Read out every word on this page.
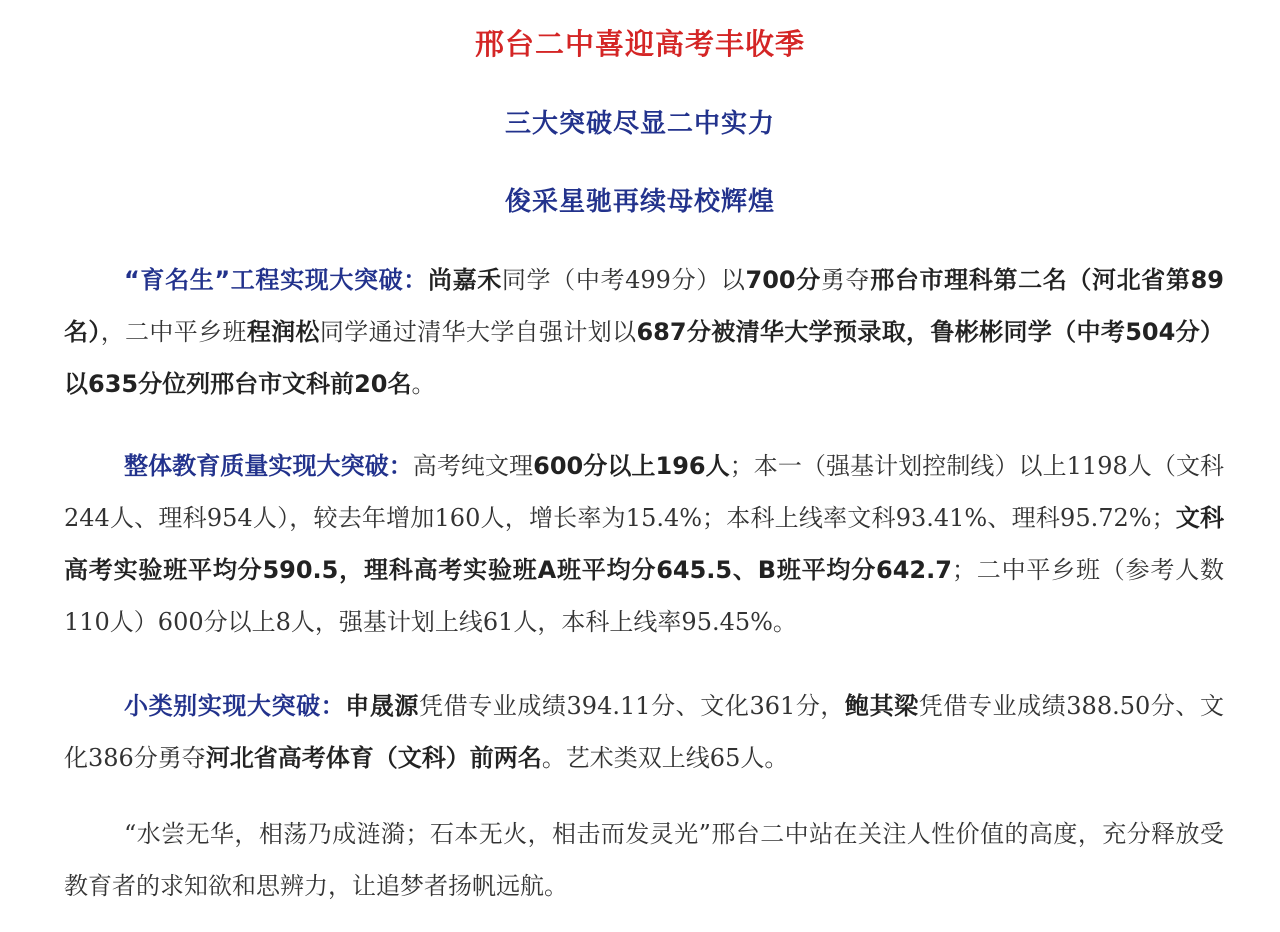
邢台二中喜迎高考丰收季
三大突破尽显二中实力
俊采星驰再续母校辉煌

“育名生”工程实现大突破：尚嘉禾同学（中考499分）以700分勇夺邢台市理科第二名（河北省第89名），二中平乡班程润松同学通过清华大学自强计划以687分被清华大学预录取，鲁彬彬同学（中考504分）以635分位列邢台市文科前20名。

整体教育质量实现大突破：高考纯文理600分以上196人；本一（强基计划控制线）以上1198人（文科244人、理科954人），较去年增加160人，增长率为15.4%；本科上线率文科93.41%、理科95.72%；文科高考实验班平均分590.5，理科高考实验班A班平均分645.5、B班平均分642.7；二中平乡班（参考人数110人）600分以上8人，强基计划上线61人，本科上线率95.45%。

小类别实现大突破：申晟源凭借专业成绩394.11分、文化361分，鲍其梁凭借专业成绩388.50分、文化386分勇夺河北省高考体育（文科）前两名。艺术类双上线65人。

“水尝无华，相荡乃成涟漪；石本无火，相击而发灵光”邢台二中站在关注人性价值的高度，充分释放受教育者的求知欲和思辨力，让追梦者扬帆远航。
